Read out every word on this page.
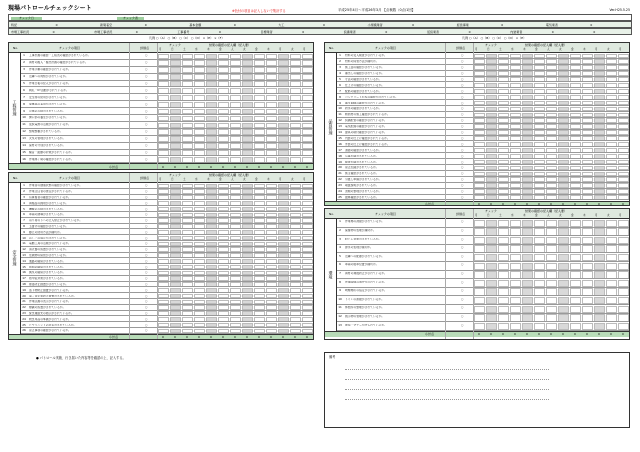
現場パトロールチェックシート	※色付の項目は記入しないで集計する	平成25年4月～平成26年3月 【点検数（0点/1回】	Ver.H25.5.25
チェック日	チェック者
特記	0	新築着空	0	基本金額	0	大工	0	小規模業者	0	経営事業	0	電気業者	0
市場工事状況	0	市場工事状況	0	工事番号	0	目標業者	0	設備業者	0	仮設業者	0	内装業者	0	0
凡例 ○（A） ○（B） ○（C） ○（D） ×（E） ×（F）	凡例 ○（A） ○（B） ○（C） ○（D） ×（E）
No.	チェックの項目	評価点
チェック	結果の確認の記入欄（記入要）
月	日	土	水	木	金	人	火	金	木	月	火	月
工程管理
1	工事計画の確認・工程表の確認がされているか。	○
2	資材の搬入・搬出計画の確認がされているか。	○
3	作業手順の確認がされているか。	○
4	近隣への周知がされているか。	○
5	作業日報の記入がされているか。	○
6	朝礼・KY活動がされているか。	○
7	安全帯の使用がされているか。	○
8	保護具の着用がされているか。	○
9	足場の点検がされているか。	○
10	開口部の養生がされているか。	○
11	仮設電源の点検がされているか。	○
12	整理整頓がされているか。	○
13	火気の管理がされているか。	○
14	廃材の分別がされているか。	○
15	騒音・振動の対策がされているか。	○
16	作業終了時の確認がされているか。	○
小計点	0	0	0	0	0	0	0	0	0	0	0	0	0
No.	チェックの項目	評価点
チェック	結果の確認の記入欄（記入要）
月	日	土	水	木	金	人	火	金	木	月	火	月
安全管理
1	作業者の健康状態の確認がされているか。	○
2	作業主任者の選任がされているか。	○
3	有資格者の確認がされているか。	○
4	資格証の携帯がされているか。	○
5	機械の点検がされているか。	○
6	車両の誘導がされているか。	○
7	吊り荷の下への立入禁止がされているか。	○
8	玉掛けの確認がされているか。	○
9	脚立の使用方法が適切か。	○
10	はしごの固定がされているか。	○
11	電動工具の点検がされているか。	○
12	消火器の設置がされているか。	○
13	危険物の保管がされているか。	○
14	通路の確保がされているか。	○
15	照明の確保がされているか。	○
16	換気の確保がされているか。	○
17	熱中症対策がされているか。	○
18	墜落防止措置がされているか。	○
19	落下物防止措置がされているか。	○
20	第三者災害防止措置がされているか。	○
21	作業区画の表示がされているか。	○
22	標識の設置がされているか。	○
23	緊急連絡先の掲示がされているか。	○
24	救急用品の準備がされているか。	○
25	ヒヤリハットの共有がされているか。	○
26	是正事項の確認がされているか。	○
小計点	0	0	0	0	0	0	0	0	0	0	0	0	0
No.	チェックの項目	評価点
チェック	結果の確認の記入欄（記入要）
月	日	土	水	木	金	人	火	金	木	月	火	月
品質管理
1	材料の受入検査がされているか。	○
2	材料の保管方法が適切か。	○
3	施工図の確認がされているか。	○
4	墨出しの確認がされているか。	○
5	寸法の確認がされているか。	○
6	仕上げの確認がされているか。	○
7	配筋の確認がされているか。	○
8	コンクリート打設の確認がされているか。	○
9	養生期間の確認がされているか。	○
10	防水の確認がされているか。	○
11	断熱材の施工確認がされているか。	○
12	設備配管の確認がされているか。	○
13	電気配線の確認がされているか。	○
14	建具の取付確認がされているか。	○
15	内装の仕上げ確認がされているか。	○
16	外装の仕上げ確認がされているか。	○
17	清掃の確認がされているか。	○
18	写真記録がされているか。	○
19	検査記録がされているか。	○
20	是正記録がされているか。	○
21	施主確認がされているか。	○
22	引渡し準備がされているか。	○
23	取扱説明がされているか。	○
24	書類の整理がされているか。	○
25	最終確認がされているか。	○
小計点	0	0	0	0	0	0	0	0	0	0	0	0	0
No.	チェックの項目	評価点
チェック	結果の確認の記入欄（記入要）
月	日	土	水	木	金	人	火	金	木	月	火	月
環境
1	作業場の清掃がされているか。	○
2	廃棄物の処理が適切か。	○
3	粉じん対策がされているか。	○
4	排水の処理が適切か。	○
5	近隣への配慮がされているか。	○
6	車両の駐車位置が適切か。	○
7	資材の飛散防止がされているか。	○
8	作業時間の遵守がされているか。	○
9	喫煙場所の指定がされているか。	○
10	トイレの清掃がされているか。	○
11	休憩所の整理がされているか。	○
12	掲示物の管理がされているか。	○
13	挨拶・マナーが守られているか。	○
小計点	0	0	0	0	0	0	0	0	0	0	0	0	0
● パトロール実施、行き届いた内容等を確認の上、記入する。	備考
